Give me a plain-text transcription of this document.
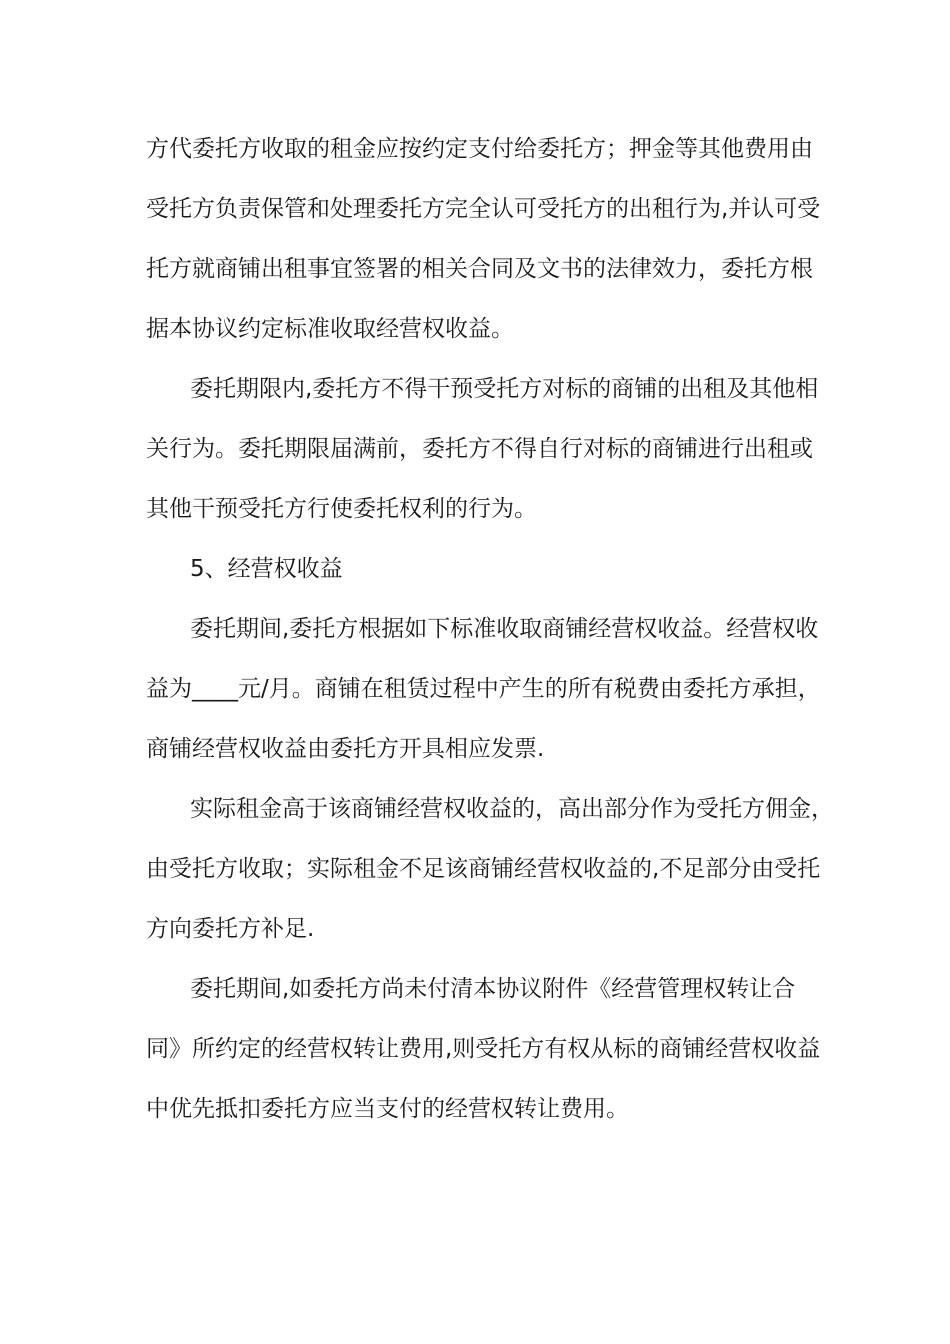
方代委托方收取的租金应按约定支付给委托方；押金等其他费用由
受托方负责保管和处理委托方完全认可受托方的出租行为,并认可受
托方就商铺出租事宜签署的相关合同及文书的法律效力，委托方根
据本协议约定标准收取经营权收益。
委托期限内,委托方不得干预受托方对标的商铺的出租及其他相
关行为。委托期限届满前，委托方不得自行对标的商铺进行出租或
其他干预受托方行使委托权利的行为。
5、经营权收益
委托期间,委托方根据如下标准收取商铺经营权收益。经营权收
益为____元/月。商铺在租赁过程中产生的所有税费由委托方承担，
商铺经营权收益由委托方开具相应发票.
实际租金高于该商铺经营权收益的，高出部分作为受托方佣金，
由受托方收取；实际租金不足该商铺经营权收益的,不足部分由受托
方向委托方补足.
委托期间,如委托方尚未付清本协议附件《经营管理权转让合
同》所约定的经营权转让费用,则受托方有权从标的商铺经营权收益
中优先抵扣委托方应当支付的经营权转让费用。
